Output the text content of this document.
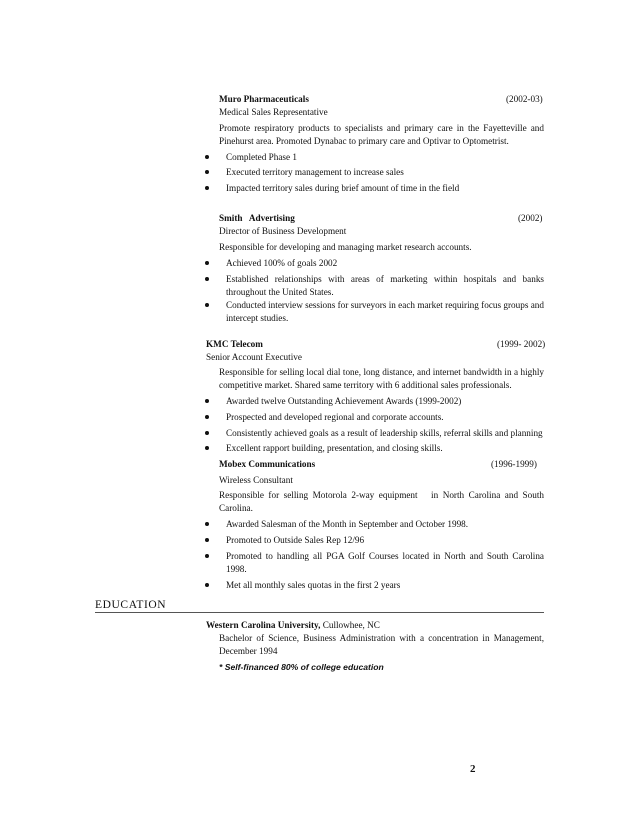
Muro Pharmaceuticals	(2002-03)
Medical Sales Representative
Promote respiratory products to specialists and primary care in the Fayetteville and
Pinehurst area. Promoted Dynabac to primary care and Optivar to Optometrist.
Completed Phase 1
Executed territory management to increase sales
Impacted territory sales during brief amount of time in the field
Smith   Advertising	(2002)
Director of Business Development
Responsible for developing and managing market research accounts.
Achieved 100% of goals 2002
Established relationships with areas of marketing within hospitals and banks
throughout the United States.
Conducted interview sessions for surveyors in each market requiring focus groups and
intercept studies.
KMC Telecom	(1999- 2002)
Senior Account Executive
Responsible for selling local dial tone, long distance, and internet bandwidth in a highly
competitive market. Shared same territory with 6 additional sales professionals.
Awarded twelve Outstanding Achievement Awards (1999-2002)
Prospected and developed regional and corporate accounts.
Consistently achieved goals as a result of leadership skills, referral skills and planning
Excellent rapport building, presentation, and closing skills.
Mobex Communications	(1996-1999)
Wireless Consultant
Responsible for selling Motorola 2-way equipment   in North Carolina and South
Carolina.
Awarded Salesman of the Month in September and October 1998.
Promoted to Outside Sales Rep 12/96
Promoted to handling all PGA Golf Courses located in North and South Carolina
1998.
Met all monthly sales quotas in the first 2 years
EDUCATION
Western Carolina University, Cullowhee, NC
Bachelor of Science, Business Administration with a concentration in Management,
December 1994
* Self-financed 80% of college education
2
